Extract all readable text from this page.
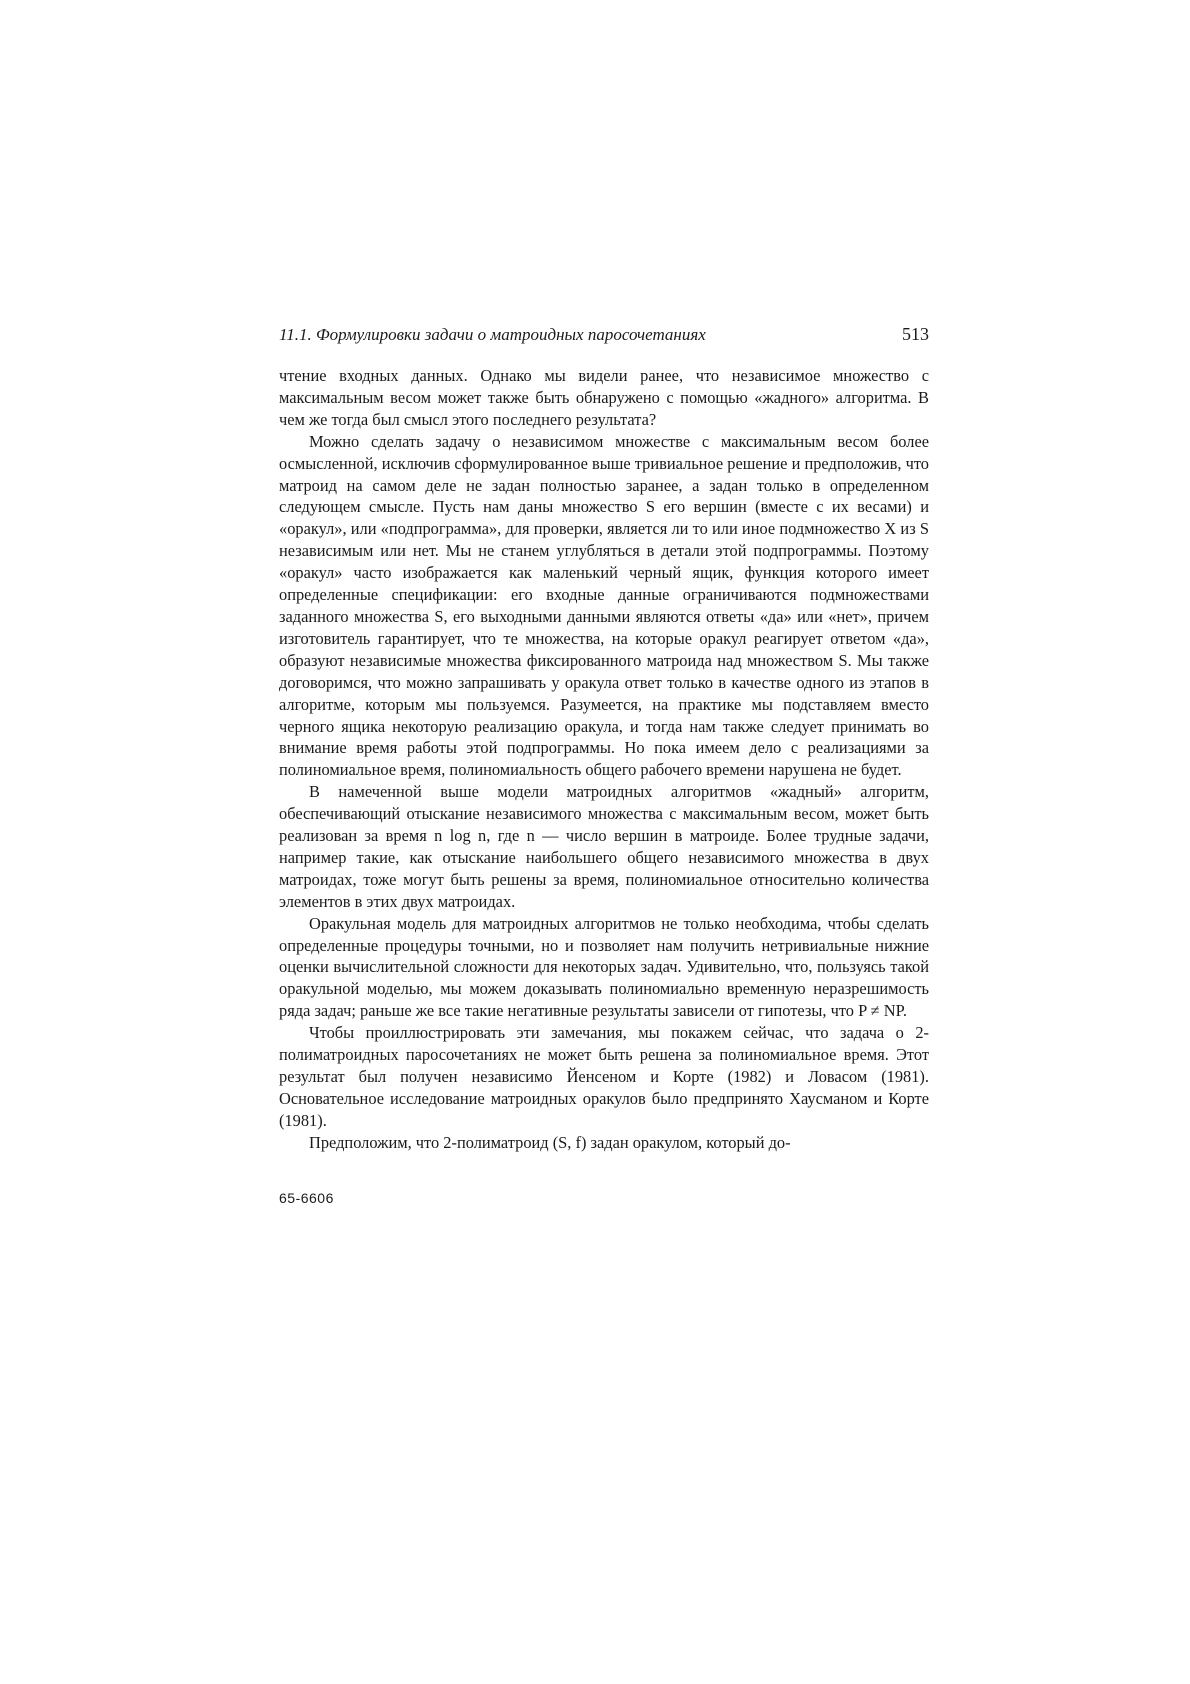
11.1. Формулировки задачи о матроидных паросочетаниях	513

чтение входных данных. Однако мы видели ранее, что независимое множество с максимальным весом может также быть обнаружено с помощью «жадного» алгоритма. В чем же тогда был смысл этого последнего результата?

Можно сделать задачу о независимом множестве с максимальным весом более осмысленной, исключив сформулированное выше тривиальное решение и предположив, что матроид на самом деле не задан полностью заранее, а задан только в определенном следующем смысле. Пусть нам даны множество S его вершин (вместе с их весами) и «оракул», или «подпрограмма», для проверки, является ли то или иное подмножество X из S независимым или нет. Мы не станем углубляться в детали этой подпрограммы. Поэтому «оракул» часто изображается как маленький черный ящик, функция которого имеет определенные спецификации: его входные данные ограничиваются подмножествами заданного множества S, его выходными данными являются ответы «да» или «нет», причем изготовитель гарантирует, что те множества, на которые оракул реагирует ответом «да», образуют независимые множества фиксированного матроида над множеством S. Мы также договоримся, что можно запрашивать у оракула ответ только в качестве одного из этапов в алгоритме, которым мы пользуемся. Разумеется, на практике мы подставляем вместо черного ящика некоторую реализацию оракула, и тогда нам также следует принимать во внимание время работы этой подпрограммы. Но пока имеем дело с реализациями за полиномиальное время, полиномиальность общего рабочего времени нарушена не будет.

В намеченной выше модели матроидных алгоритмов «жадный» алгоритм, обеспечивающий отыскание независимого множества с максимальным весом, может быть реализован за время n log n, где n — число вершин в матроиде. Более трудные задачи, например такие, как отыскание наибольшего общего независимого множества в двух матроидах, тоже могут быть решены за время, полиномиальное относительно количества элементов в этих двух матроидах.

Оракульная модель для матроидных алгоритмов не только необходима, чтобы сделать определенные процедуры точными, но и позволяет нам получить нетривиальные нижние оценки вычислительной сложности для некоторых задач. Удивительно, что, пользуясь такой оракульной моделью, мы можем доказывать полиномиально временную неразрешимость ряда задач; раньше же все такие негативные результаты зависели от гипотезы, что P ≠ NP.

Чтобы проиллюстрировать эти замечания, мы покажем сейчас, что задача о 2-полиматроидных паросочетаниях не может быть решена за полиномиальное время. Этот результат был получен независимо Йенсеном и Корте (1982) и Ловасом (1981). Основательное исследование матроидных оракулов было предпринято Хаусманом и Корте (1981).

Предположим, что 2-полиматроид (S, f) задан оракулом, который до-

65-6606
